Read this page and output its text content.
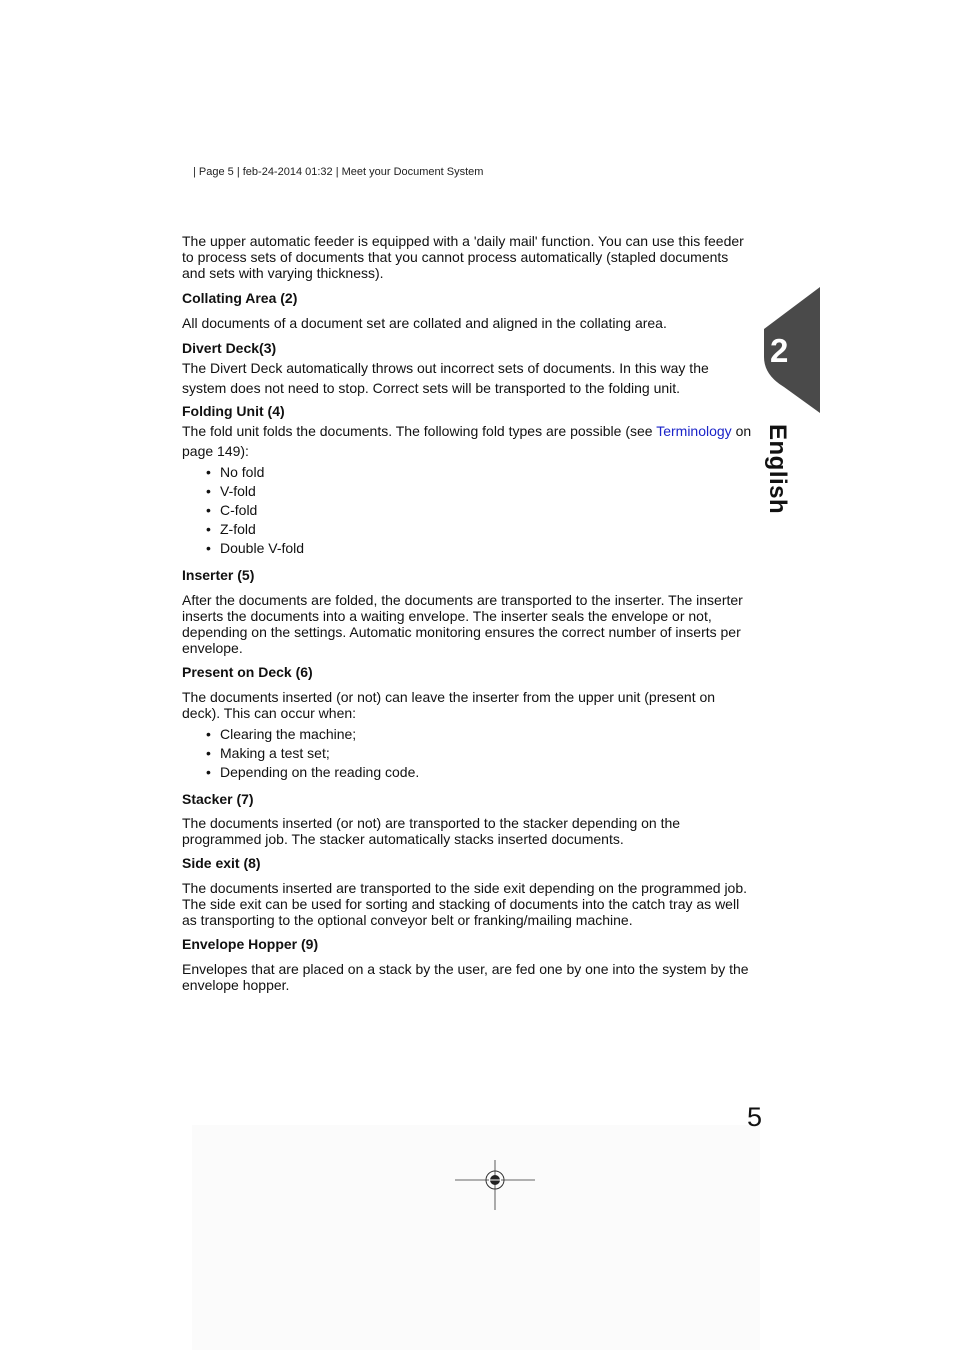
| Page 5 | feb-24-2014 01:32 | Meet your Document System
2
English

The upper automatic feeder is equipped with a 'daily mail' function. You can use this feeder to process sets of documents that you cannot process automatically (stapled documents and sets with varying thickness).

Collating Area (2)

All documents of a document set are collated and aligned in the collating area.

Divert Deck(3)

The Divert Deck automatically throws out incorrect sets of documents. In this way the system does not need to stop. Correct sets will be transported to the folding unit.

Folding Unit (4)

The fold unit folds the documents. The following fold types are possible (see Terminology on page 149):

• No fold
• V-fold
• C-fold
• Z-fold
• Double V-fold

Inserter (5)

After the documents are folded, the documents are transported to the inserter. The inserter inserts the documents into a waiting envelope. The inserter seals the envelope or not, depending on the settings. Automatic monitoring ensures the correct number of inserts per envelope.

Present on Deck (6)

The documents inserted (or not) can leave the inserter from the upper unit (present on deck). This can occur when:

• Clearing the machine;
• Making a test set;
• Depending on the reading code.

Stacker (7)

The documents inserted (or not) are transported to the stacker depending on the programmed job. The stacker automatically stacks inserted documents.

Side exit (8)

The documents inserted are transported to the side exit depending on the programmed job. The side exit can be used for sorting and stacking of documents into the catch tray as well as transporting to the optional conveyor belt or franking/mailing machine.

Envelope Hopper (9)

Envelopes that are placed on a stack by the user, are fed one by one into the system by the envelope hopper.

5
